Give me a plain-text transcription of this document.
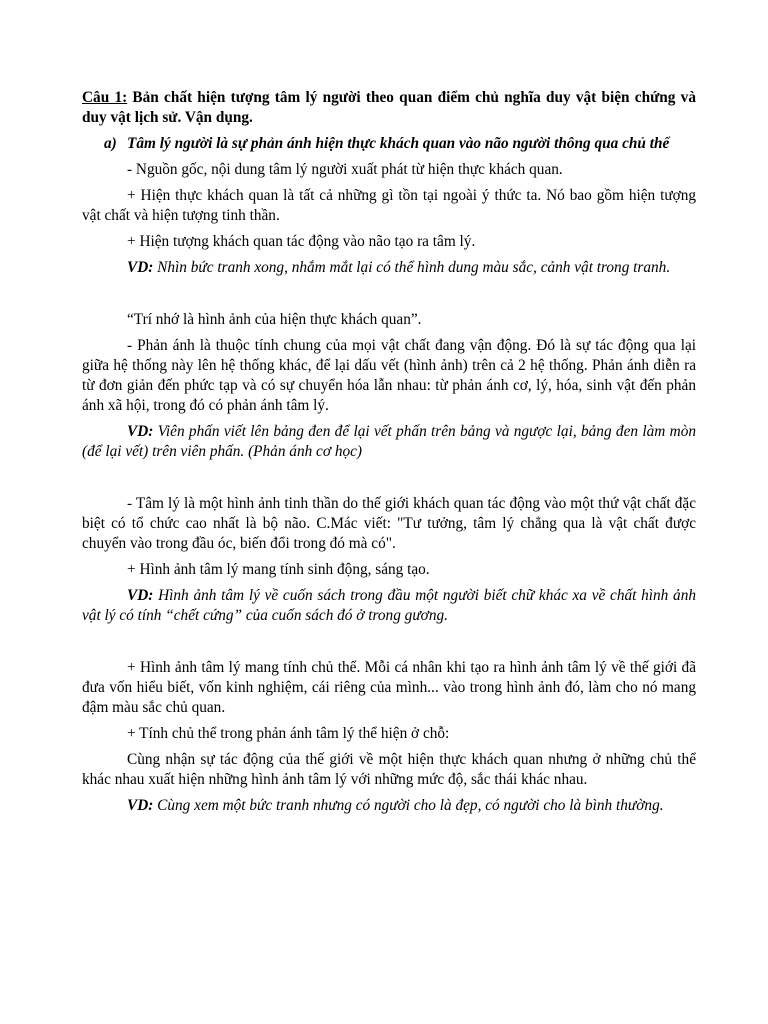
Câu 1: Bản chất hiện tượng tâm lý người theo quan điểm chủ nghĩa duy vật biện chứng và duy vật lịch sử. Vận dụng.

a) Tâm lý người là sự phản ánh hiện thực khách quan vào não người thông qua chủ thể

- Nguồn gốc, nội dung tâm lý người xuất phát từ hiện thực khách quan.

+ Hiện thực khách quan là tất cả những gì tồn tại ngoài ý thức ta. Nó bao gồm hiện tượng vật chất và hiện tượng tinh thần.

+ Hiện tượng khách quan tác động vào não tạo ra tâm lý.

VD: Nhìn bức tranh xong, nhắm mắt lại có thể hình dung màu sắc, cảnh vật trong tranh.

“Trí nhớ là hình ảnh của hiện thực khách quan”.

- Phản ánh là thuộc tính chung của mọi vật chất đang vận động. Đó là sự tác động qua lại giữa hệ thống này lên hệ thống khác, để lại dấu vết (hình ảnh) trên cả 2 hệ thống. Phản ánh diễn ra từ đơn giản đến phức tạp và có sự chuyển hóa lẫn nhau: từ phản ánh cơ, lý, hóa, sinh vật đến phản ánh xã hội, trong đó có phản ánh tâm lý.

VD: Viên phấn viết lên bảng đen để lại vết phấn trên bảng và ngược lại, bảng đen làm mòn (để lại vết) trên viên phấn. (Phản ánh cơ học)

- Tâm lý là một hình ảnh tinh thần do thế giới khách quan tác động vào một thứ vật chất đặc biệt có tổ chức cao nhất là bộ não. C.Mác viết: "Tư tưởng, tâm lý chẳng qua là vật chất được chuyển vào trong đầu óc, biến đổi trong đó mà có".

+ Hình ảnh tâm lý mang tính sinh động, sáng tạo.

VD: Hình ảnh tâm lý về cuốn sách trong đầu một người biết chữ khác xa về chất hình ảnh vật lý có tính “chết cứng” của cuốn sách đó ở trong gương.

+ Hình ảnh tâm lý mang tính chủ thể. Mỗi cá nhân khi tạo ra hình ảnh tâm lý về thế giới đã đưa vốn hiểu biết, vốn kinh nghiệm, cái riêng của mình... vào trong hình ảnh đó, làm cho nó mang đậm màu sắc chủ quan.

+ Tính chủ thể trong phản ánh tâm lý thể hiện ở chỗ:

Cùng nhận sự tác động của thế giới về một hiện thực khách quan nhưng ở những chủ thể khác nhau xuất hiện những hình ảnh tâm lý với những mức độ, sắc thái khác nhau.

VD: Cùng xem một bức tranh nhưng có người cho là đẹp, có người cho là bình thường.
